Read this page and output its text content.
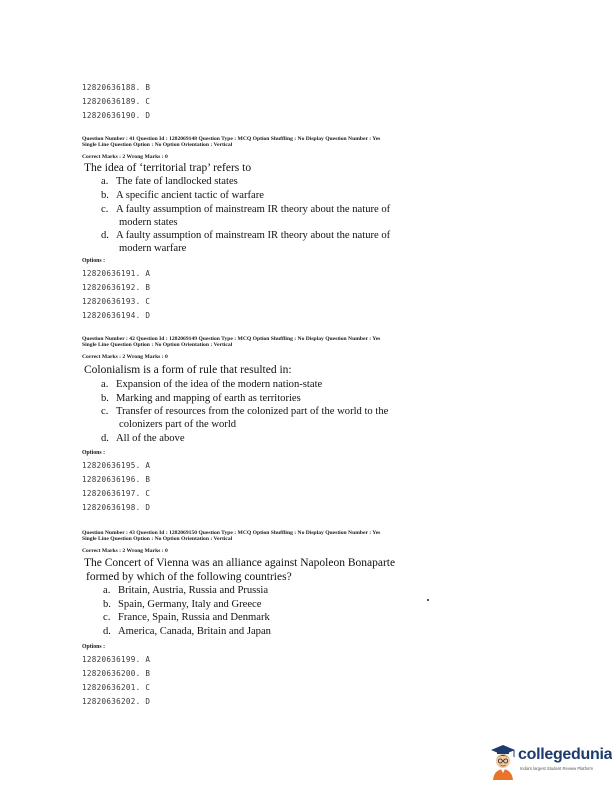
12820636188. B
12820636189. C
12820636190. D
Question Number : 41 Question Id : 1282069148 Question Type : MCQ Option Shuffling : No Display Question Number : Yes
Single Line Question Option : No Option Orientation : Vertical
Correct Marks : 2 Wrong Marks : 0
The idea of ‘territorial trap’ refers to
a. The fate of landlocked states
b. A specific ancient tactic of warfare
c. A faulty assumption of mainstream IR theory about the nature of
modern states
d. A faulty assumption of mainstream IR theory about the nature of
modern warfare
Options :
12820636191. A
12820636192. B
12820636193. C
12820636194. D
Question Number : 42 Question Id : 1282069149 Question Type : MCQ Option Shuffling : No Display Question Number : Yes
Single Line Question Option : No Option Orientation : Vertical
Correct Marks : 2 Wrong Marks : 0
Colonialism is a form of rule that resulted in:
a. Expansion of the idea of the modern nation-state
b. Marking and mapping of earth as territories
c. Transfer of resources from the colonized part of the world to the
colonizers part of the world
d. All of the above
Options :
12820636195. A
12820636196. B
12820636197. C
12820636198. D
Question Number : 43 Question Id : 1282069150 Question Type : MCQ Option Shuffling : No Display Question Number : Yes
Single Line Question Option : No Option Orientation : Vertical
Correct Marks : 2 Wrong Marks : 0
The Concert of Vienna was an alliance against Napoleon Bonaparte
formed by which of the following countries?
a. Britain, Austria, Russia and Prussia
b. Spain, Germany, Italy and Greece
c. France, Spain, Russia and Denmark
d. America, Canada, Britain and Japan
Options :
12820636199. A
12820636200. B
12820636201. C
12820636202. D
collegedunia
India's largest Student Review Platform
